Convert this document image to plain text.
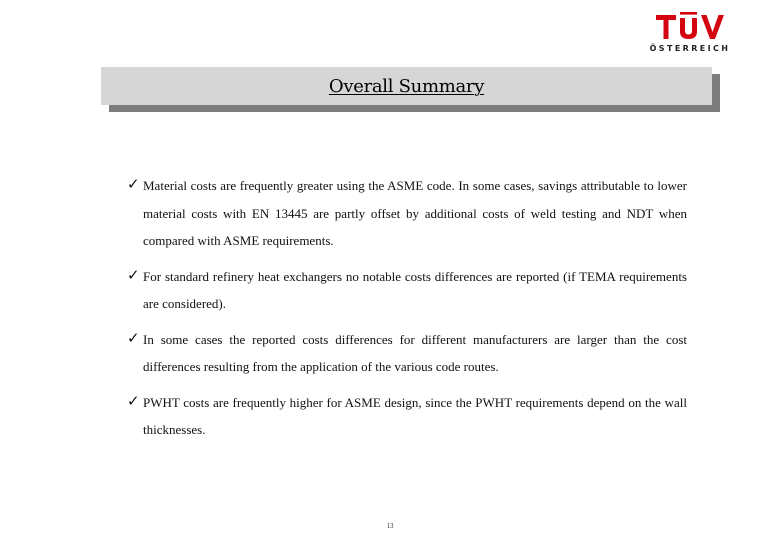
ÖSTERREICH
Overall Summary
✓ Material costs are frequently greater using the ASME code. In some cases, savings attributable to lower material costs with EN 13445 are partly offset by additional costs of weld testing and NDT when compared with ASME requirements.
✓ For standard refinery heat exchangers no notable costs differences are reported (if TEMA requirements are considered).
✓ In some cases the reported costs differences for different manufacturers are larger than the cost differences resulting from the application of the various code routes.
✓ PWHT costs are frequently higher for ASME design, since the PWHT requirements depend on the wall thicknesses.
13
